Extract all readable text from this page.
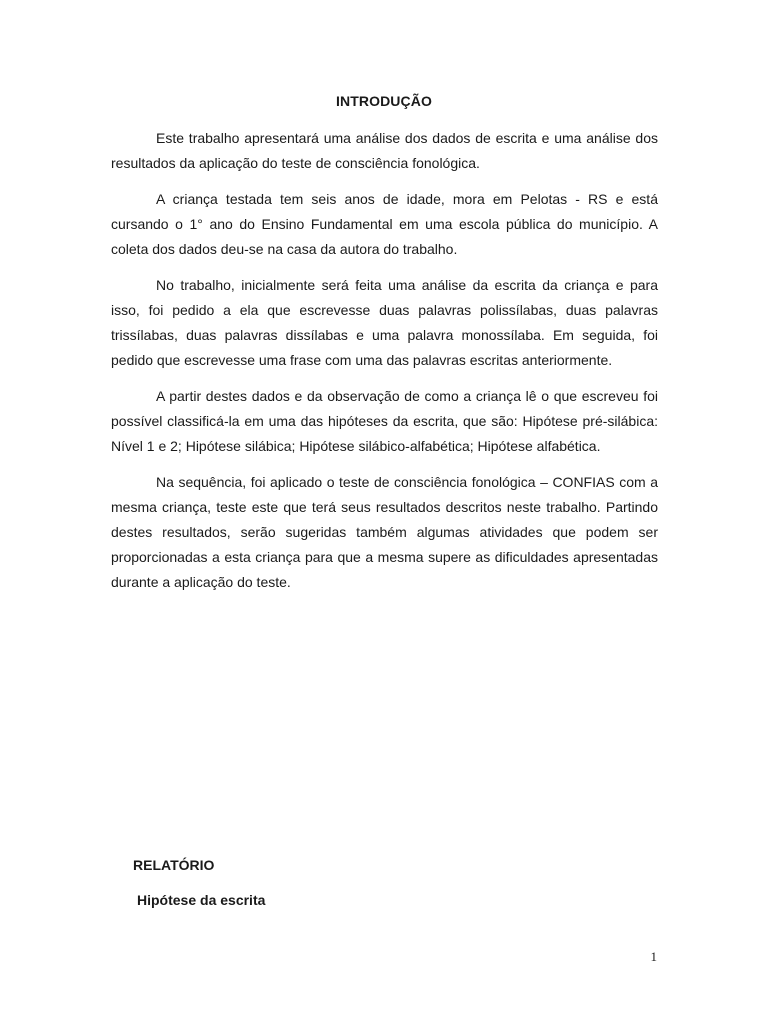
INTRODUÇÃO

Este trabalho apresentará uma análise dos dados de escrita e uma análise dos resultados da aplicação do teste de consciência fonológica.

A criança testada tem seis anos de idade, mora em Pelotas - RS e está cursando o 1° ano do Ensino Fundamental em uma escola pública do município. A coleta dos dados deu-se na casa da autora do trabalho.

No trabalho, inicialmente será feita uma análise da escrita da criança e para isso, foi pedido a ela que escrevesse duas palavras polissílabas, duas palavras trissílabas, duas palavras dissílabas e uma palavra monossílaba. Em seguida, foi pedido que escrevesse uma frase com uma das palavras escritas anteriormente.

A partir destes dados e da observação de como a criança lê o que escreveu foi possível classificá-la em uma das hipóteses da escrita, que são: Hipótese pré-silábica: Nível 1 e 2; Hipótese silábica; Hipótese silábico-alfabética; Hipótese alfabética.

Na sequência, foi aplicado o teste de consciência fonológica – CONFIAS com a mesma criança, teste este que terá seus resultados descritos neste trabalho. Partindo destes resultados, serão sugeridas também algumas atividades que podem ser proporcionadas a esta criança para que a mesma supere as dificuldades apresentadas durante a aplicação do teste.

RELATÓRIO
Hipótese da escrita
1
